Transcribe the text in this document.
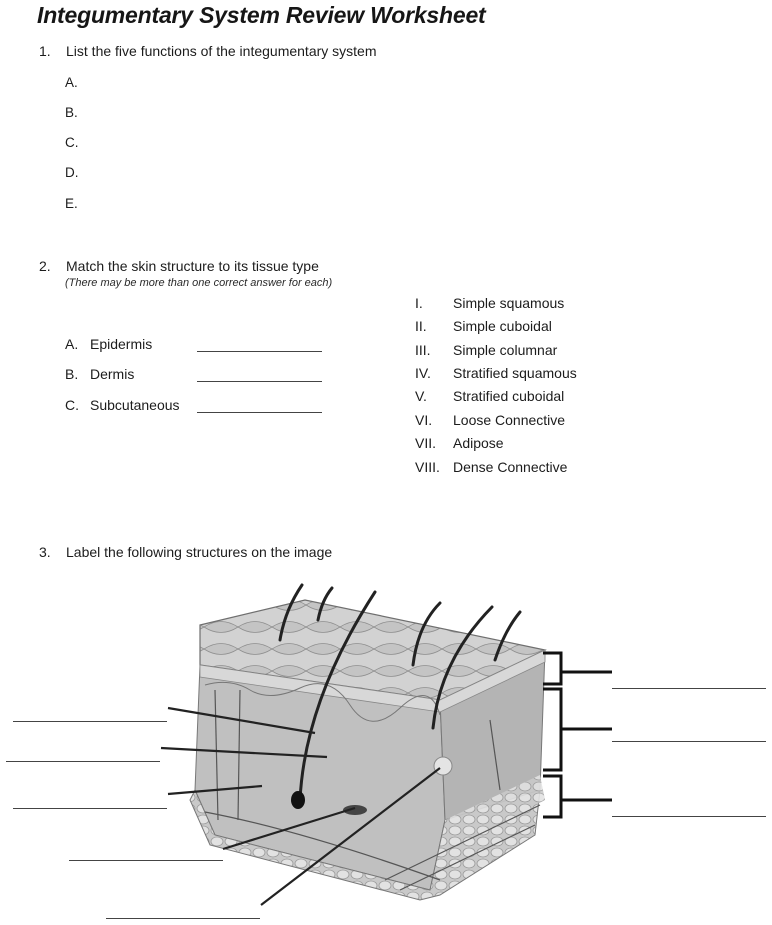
Integumentary System Review Worksheet
1. List the five functions of the integumentary system
A.
B.
C.
D.
E.
2. Match the skin structure to its tissue type
(There may be more than one correct answer for each)
A. Epidermis
B. Dermis
C. Subcutaneous
I. Simple squamous
II. Simple cuboidal
III. Simple columnar
IV. Stratified squamous
V. Stratified cuboidal
VI. Loose Connective
VII. Adipose
VIII. Dense Connective
3. Label the following structures on the image
